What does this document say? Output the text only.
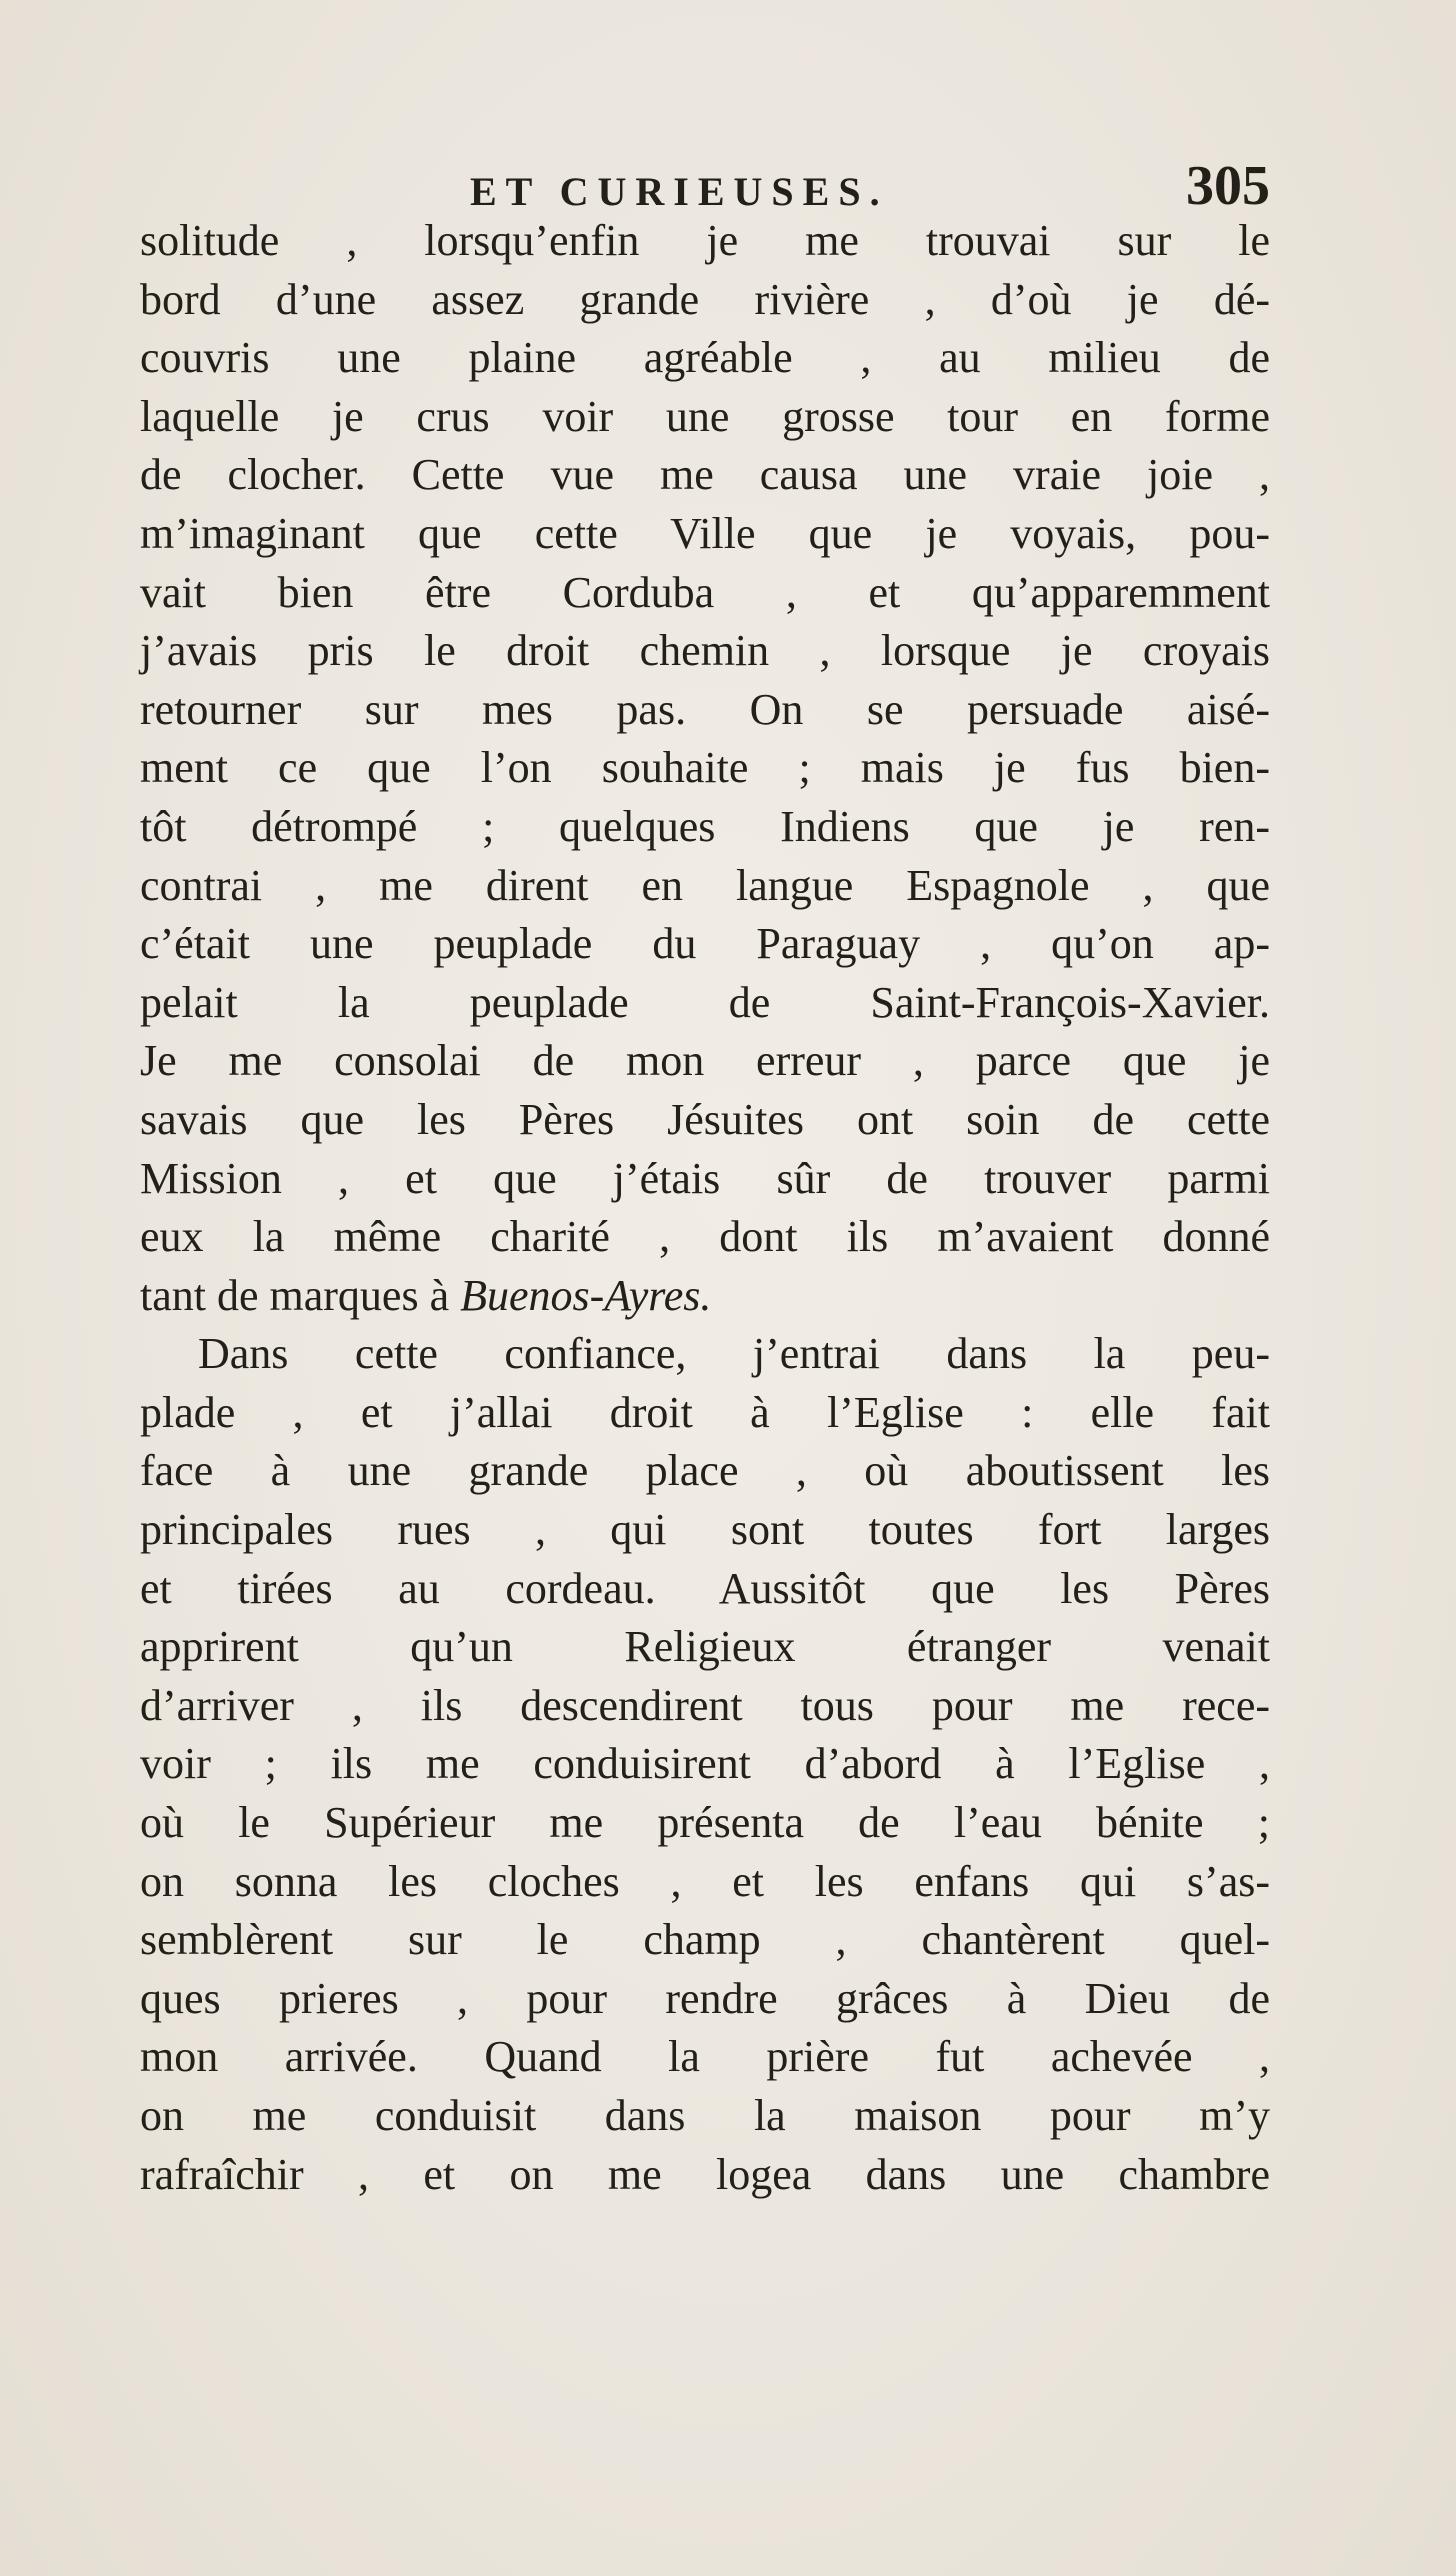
ET CURIEUSES.	305
solitude , lorsqu’enfin je me trouvai sur le
bord d’une assez grande rivière , d’où je dé-
couvris une plaine agréable , au milieu de
laquelle je crus voir une grosse tour en forme
de clocher. Cette vue me causa une vraie joie ,
m’imaginant que cette Ville que je voyais, pou-
vait bien être Corduba , et qu’apparemment
j’avais pris le droit chemin , lorsque je croyais
retourner sur mes pas. On se persuade aisé-
ment ce que l’on souhaite ; mais je fus bien-
tôt détrompé ; quelques Indiens que je ren-
contrai , me dirent en langue Espagnole , que
c’était une peuplade du Paraguay , qu’on ap-
pelait la peuplade de Saint-François-Xavier.
Je me consolai de mon erreur , parce que je
savais que les Pères Jésuites ont soin de cette
Mission , et que j’étais sûr de trouver parmi
eux la même charité , dont ils m’avaient donné
tant de marques à Buenos-Ayres.
Dans cette confiance, j’entrai dans la peu-
plade , et j’allai droit à l’Eglise : elle fait
face à une grande place , où aboutissent les
principales rues , qui sont toutes fort larges
et tirées au cordeau. Aussitôt que les Pères
apprirent qu’un Religieux étranger venait
d’arriver , ils descendirent tous pour me rece-
voir ; ils me conduisirent d’abord à l’Eglise ,
où le Supérieur me présenta de l’eau bénite ;
on sonna les cloches , et les enfans qui s’as-
semblèrent sur le champ , chantèrent quel-
ques prieres , pour rendre grâces à Dieu de
mon arrivée. Quand la prière fut achevée ,
on me conduisit dans la maison pour m’y
rafraîchir , et on me logea dans une chambre
